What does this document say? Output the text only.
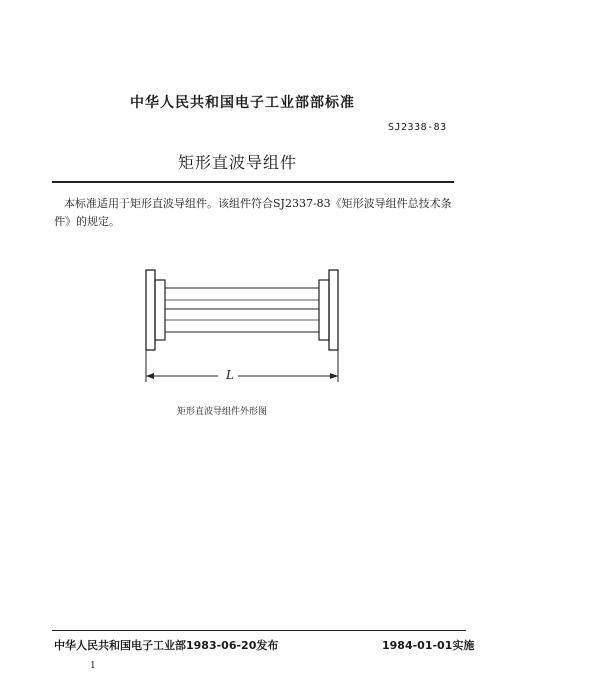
中华人民共和国电子工业部部标准
SJ2338-83
矩形直波导组件
本标准适用于矩形直波导组件。该组件符合SJ2337-83《矩形波导组件总技术条
件》的规定。
L
矩形直波导组件外形图
中华人民共和国电子工业部1983-06-20发布	1984-01-01实施
1
